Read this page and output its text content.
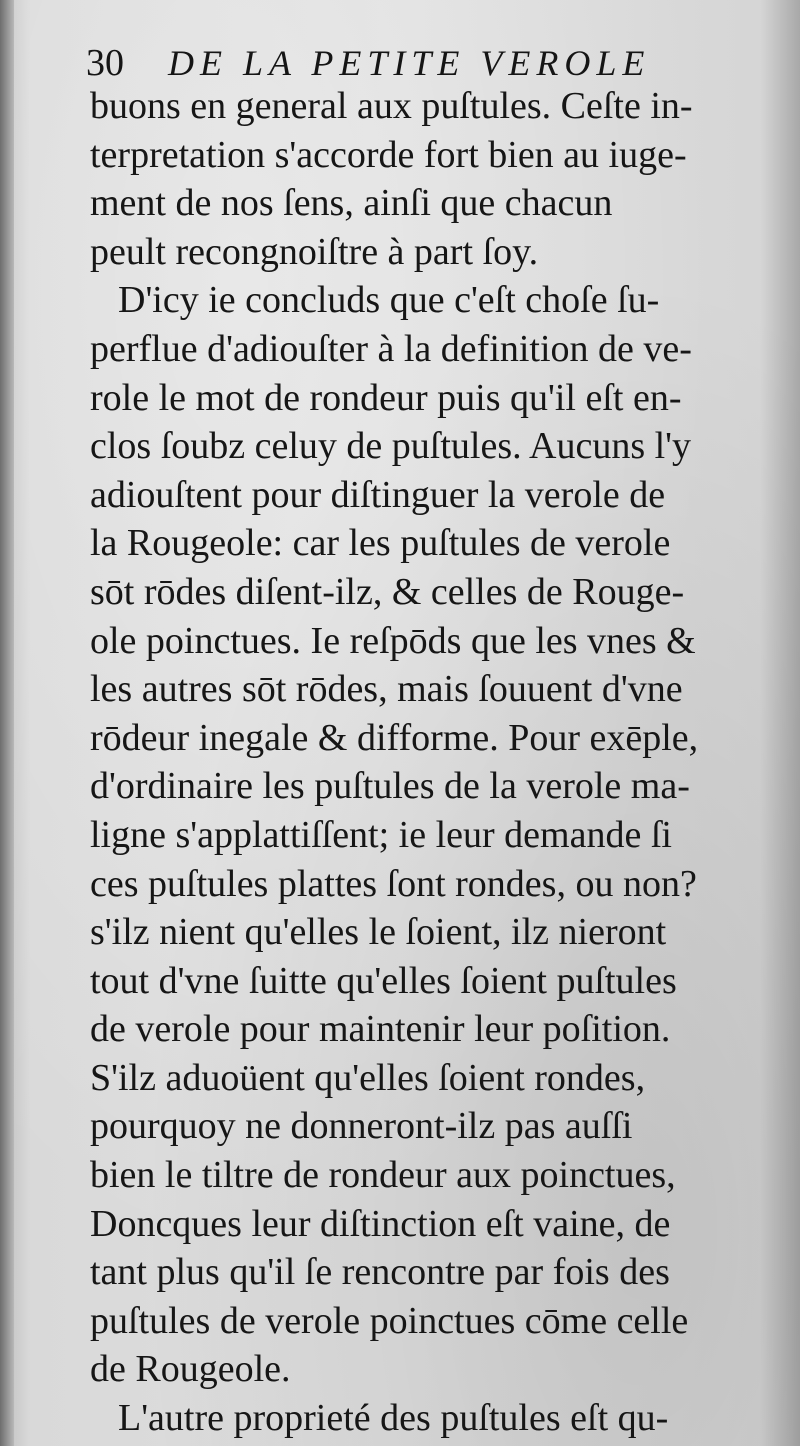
30 DE LA PETITE VEROLE
buons en general aux puſtules. Ceſte in-
terpretation s'accorde fort bien au iuge-
ment de nos ſens, ainſi que chacun
peult recongnoiſtre à part ſoy.
D'icy ie concluds que c'eſt choſe ſu-
perflue d'adiouſter à la definition de ve-
role le mot de rondeur puis qu'il eſt en-
clos ſoubz celuy de puſtules. Aucuns l'y
adiouſtent pour diſtinguer la verole de
la Rougeole: car les puſtules de verole
sōt rōdes diſent-ilz, & celles de Rouge-
ole poinctues. Ie reſpōds que les vnes &
les autres sōt rōdes, mais ſouuent d'vne
rōdeur inegale & difforme. Pour exēple,
d'ordinaire les puſtules de la verole ma-
ligne s'applattiſſent; ie leur demande ſi
ces puſtules plattes ſont rondes, ou non?
s'ilz nient qu'elles le ſoient, ilz nieront
tout d'vne ſuitte qu'elles ſoient puſtules
de verole pour maintenir leur poſition.
S'ilz aduoüent qu'elles ſoient rondes,
pourquoy ne donneront-ilz pas auſſi
bien le tiltre de rondeur aux poinctues,
Doncques leur diſtinction eſt vaine, de
tant plus qu'il ſe rencontre par fois des
puſtules de verole poinctues cōme celle
de Rougeole.
L'autre proprieté des puſtules eſt qu-
